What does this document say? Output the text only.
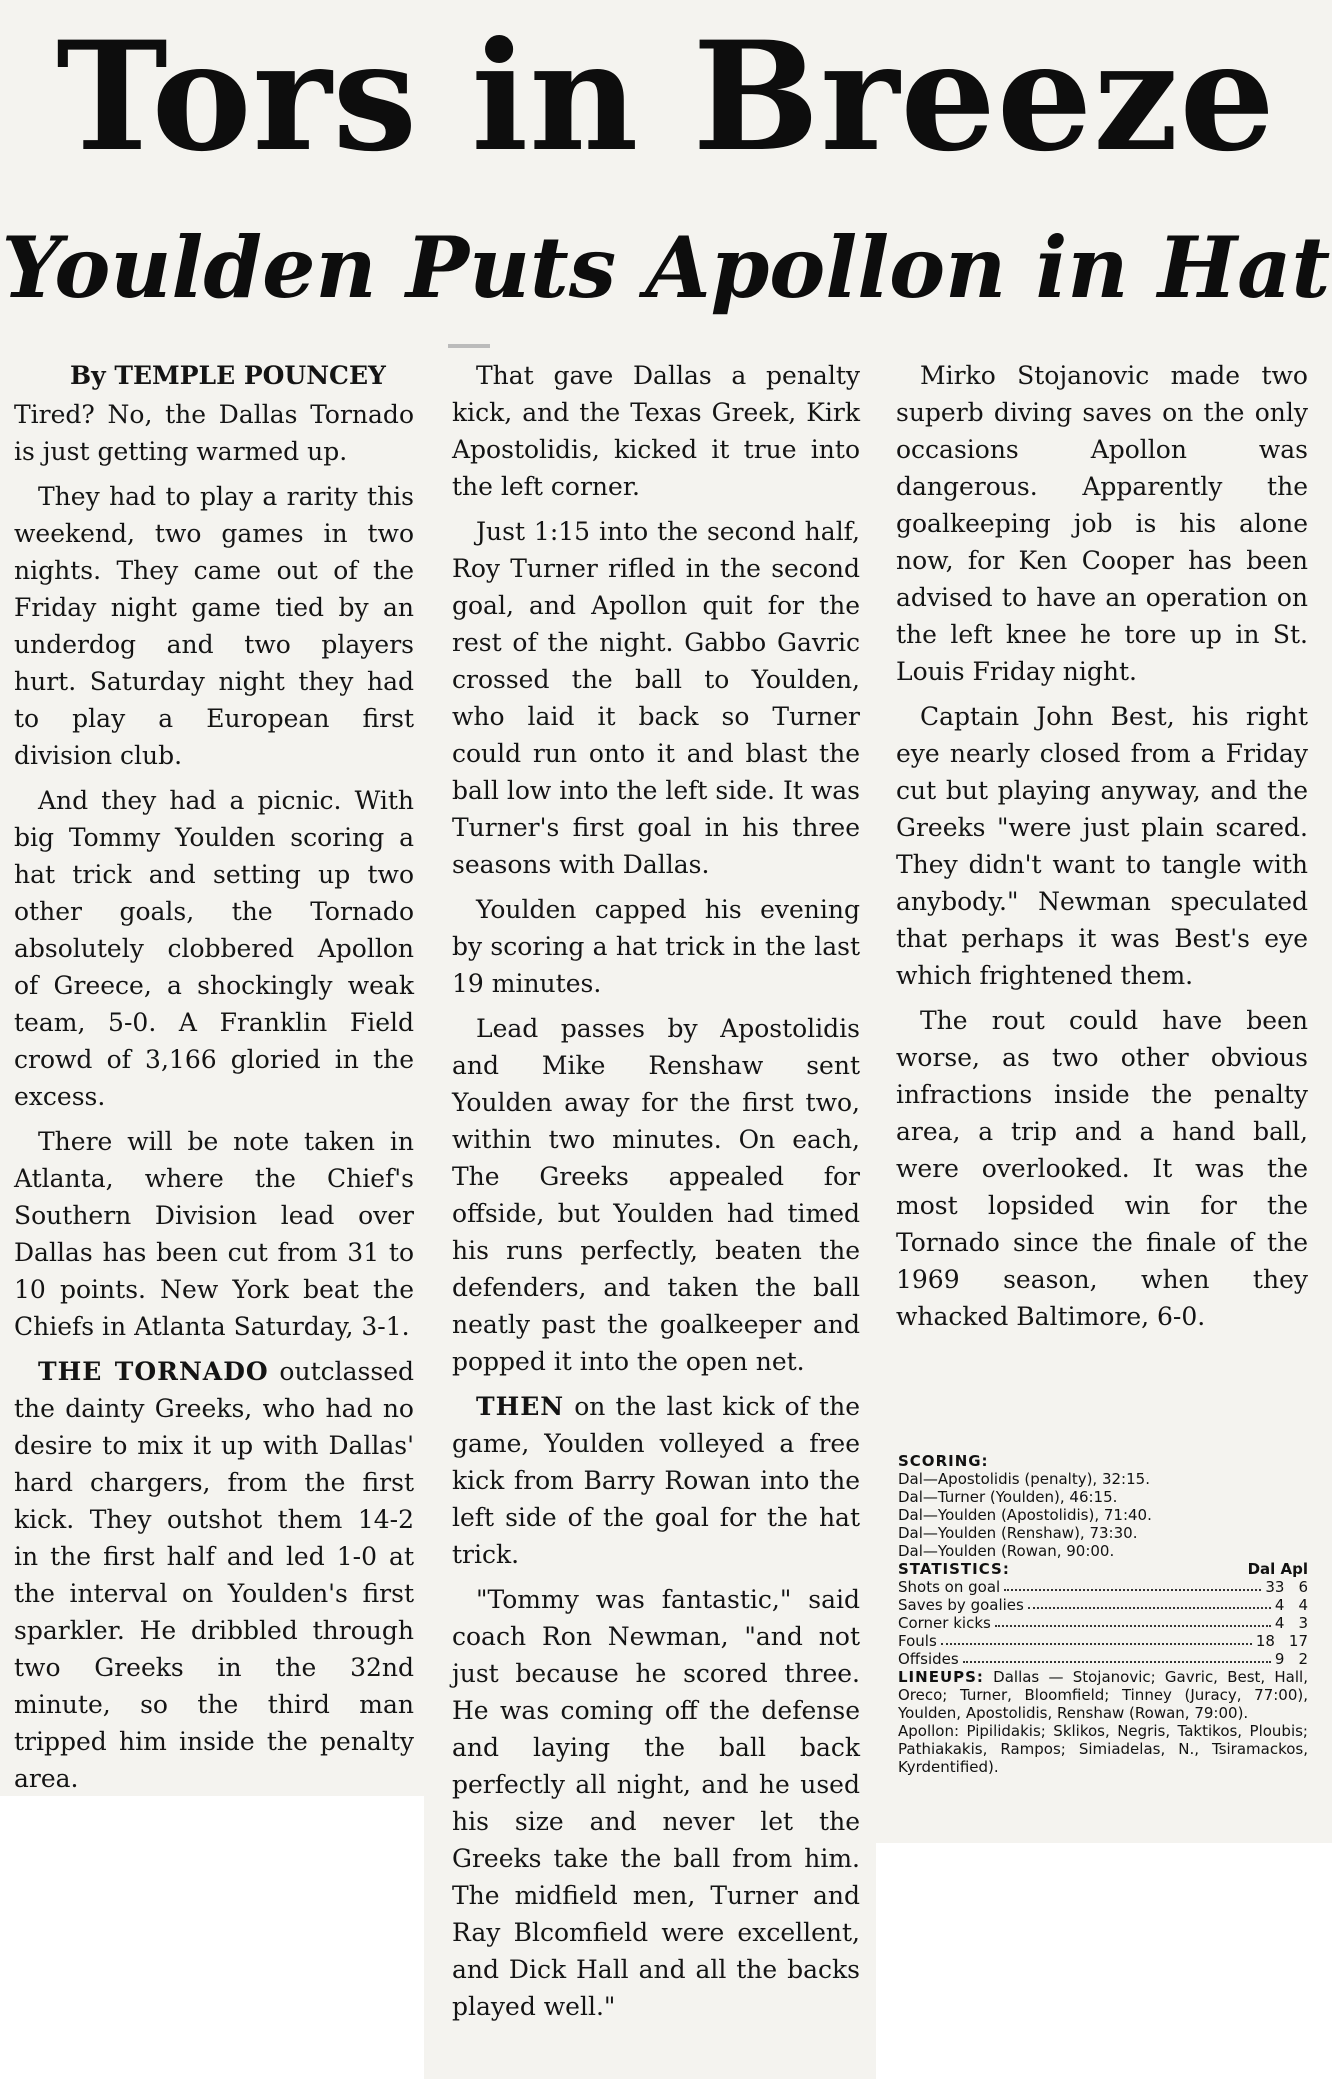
Tors in Breeze
Youlden Puts Apollon in Hat
By TEMPLE POUNCEY

Tired? No, the Dallas Tornado is just getting warmed up.

They had to play a rarity this weekend, two games in two nights. They came out of the Friday night game tied by an underdog and two players hurt. Saturday night they had to play a European first division club.

And they had a picnic. With big Tommy Youlden scoring a hat trick and setting up two other goals, the Tornado absolutely clobbered Apollon of Greece, a shockingly weak team, 5-0. A Franklin Field crowd of 3,166 gloried in the excess.

There will be note taken in Atlanta, where the Chief's Southern Division lead over Dallas has been cut from 31 to 10 points. New York beat the Chiefs in Atlanta Saturday, 3-1.

THE TORNADO outclassed the dainty Greeks, who had no desire to mix it up with Dallas' hard chargers, from the first kick. They outshot them 14-2 in the first half and led 1-0 at the interval on Youlden's first sparkler. He dribbled through two Greeks in the 32nd minute, so the third man tripped him inside the penalty area.

That gave Dallas a penalty kick, and the Texas Greek, Kirk Apostolidis, kicked it true into the left corner.

Just 1:15 into the second half, Roy Turner rifled in the second goal, and Apollon quit for the rest of the night. Gabbo Gavric crossed the ball to Youlden, who laid it back so Turner could run onto it and blast the ball low into the left side. It was Turner's first goal in his three seasons with Dallas.

Youlden capped his evening by scoring a hat trick in the last 19 minutes.

Lead passes by Apostolidis and Mike Renshaw sent Youlden away for the first two, within two minutes. On each, The Greeks appealed for offside, but Youlden had timed his runs perfectly, beaten the defenders, and taken the ball neatly past the goalkeeper and popped it into the open net.

THEN on the last kick of the game, Youlden volleyed a free kick from Barry Rowan into the left side of the goal for the hat trick.

"Tommy was fantastic," said coach Ron Newman, "and not just because he scored three. He was coming off the defense and laying the ball back perfectly all night, and he used his size and never let the Greeks take the ball from him. The midfield men, Turner and Ray Blcomfield were excellent, and Dick Hall and all the backs played well."

Mirko Stojanovic made two superb diving saves on the only occasions Apollon was dangerous. Apparently the goalkeeping job is his alone now, for Ken Cooper has been advised to have an operation on the left knee he tore up in St. Louis Friday night.

Captain John Best, his right eye nearly closed from a Friday cut but playing anyway, and the Greeks "were just plain scared. They didn't want to tangle with anybody." Newman speculated that perhaps it was Best's eye which frightened them.

The rout could have been worse, as two other obvious infractions inside the penalty area, a trip and a hand ball, were overlooked. It was the most lopsided win for the Tornado since the finale of the 1969 season, when they whacked Baltimore, 6-0.

SCORING:
Dal—Apostolidis (penalty), 32:15.
Dal—Turner (Youlden), 46:15.
Dal—Youlden (Apostolidis), 71:40.
Dal—Youlden (Renshaw), 73:30.
Dal—Youlden (Rowan, 90:00.
STATISTICS:	Dal Apl
Shots on goal	33 6
Saves by goalies	4 4
Corner kicks	4 3
Fouls	18 17
Offsides	9 2

LINEUPS: Dallas — Stojanovic; Gavric, Best, Hall, Oreco; Turner, Bloomfield; Tinney (Juracy, 77:00), Youlden, Apostolidis, Renshaw (Rowan, 79:00).

Apollon: Pipilidakis; Sklikos, Negris, Taktikos, Ploubis; Pathiakakis, Rampos; Simiadelas, N., Tsiramackos, Kyrdentified).
